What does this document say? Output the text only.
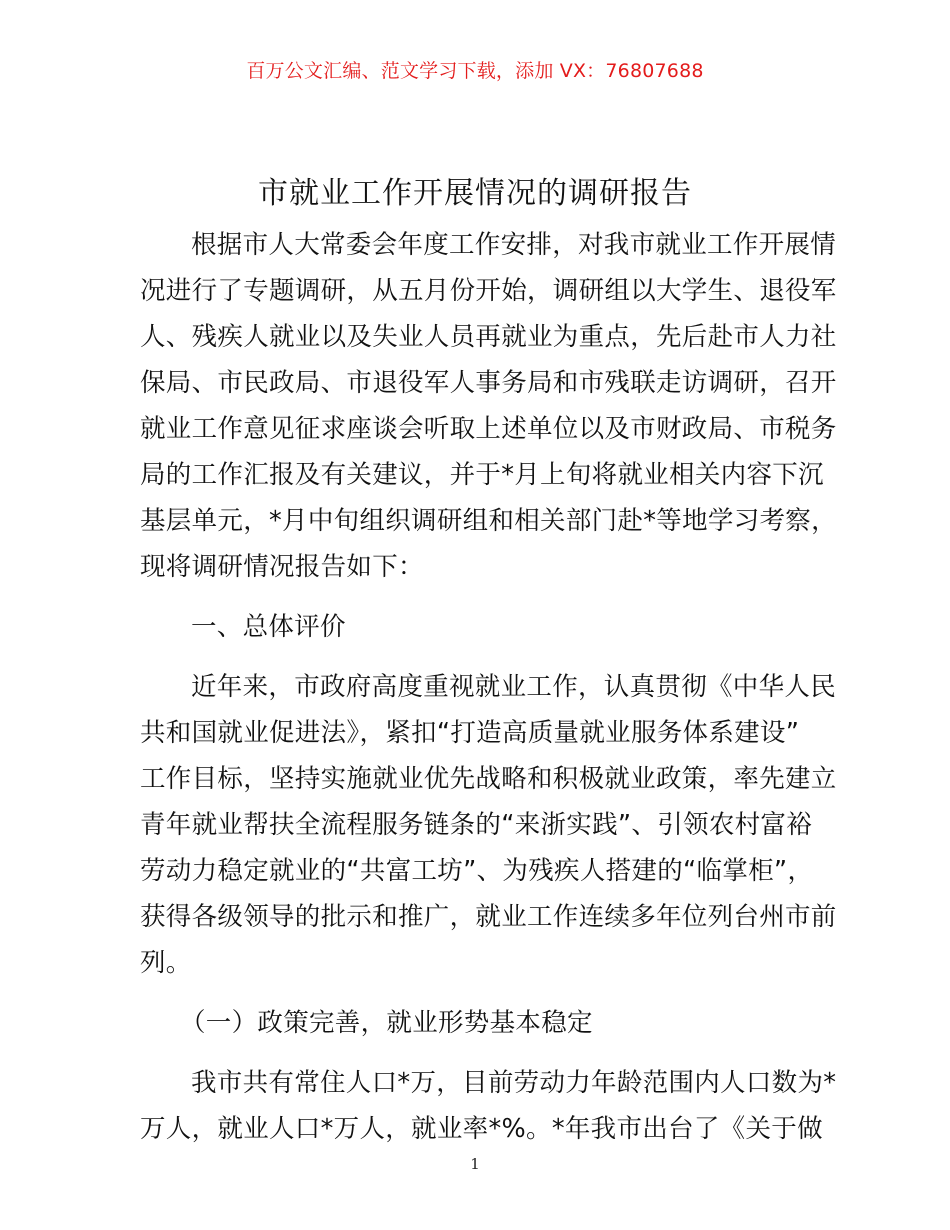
百万公文汇编、范文学习下载，添加 VX：76807688
市就业工作开展情况的调研报告
根据市人大常委会年度工作安排，对我市就业工作开展情
况进行了专题调研，从五月份开始，调研组以大学生、退役军
人、残疾人就业以及失业人员再就业为重点，先后赴市人力社
保局、市民政局、市退役军人事务局和市残联走访调研，召开
就业工作意见征求座谈会听取上述单位以及市财政局、市税务
局的工作汇报及有关建议，并于*月上旬将就业相关内容下沉
基层单元，*月中旬组织调研组和相关部门赴*等地学习考察，
现将调研情况报告如下：
一、总体评价
近年来，市政府高度重视就业工作，认真贯彻《中华人民
共和国就业促进法》，紧扣“打造高质量就业服务体系建设”
工作目标，坚持实施就业优先战略和积极就业政策，率先建立
青年就业帮扶全流程服务链条的“来浙实践”、引领农村富裕
劳动力稳定就业的“共富工坊”、为残疾人搭建的“临掌柜”，
获得各级领导的批示和推广，就业工作连续多年位列台州市前
列。
（一）政策完善，就业形势基本稳定
我市共有常住人口*万，目前劳动力年龄范围内人口数为*
万人，就业人口*万人，就业率*%。*年我市出台了《关于做
1
